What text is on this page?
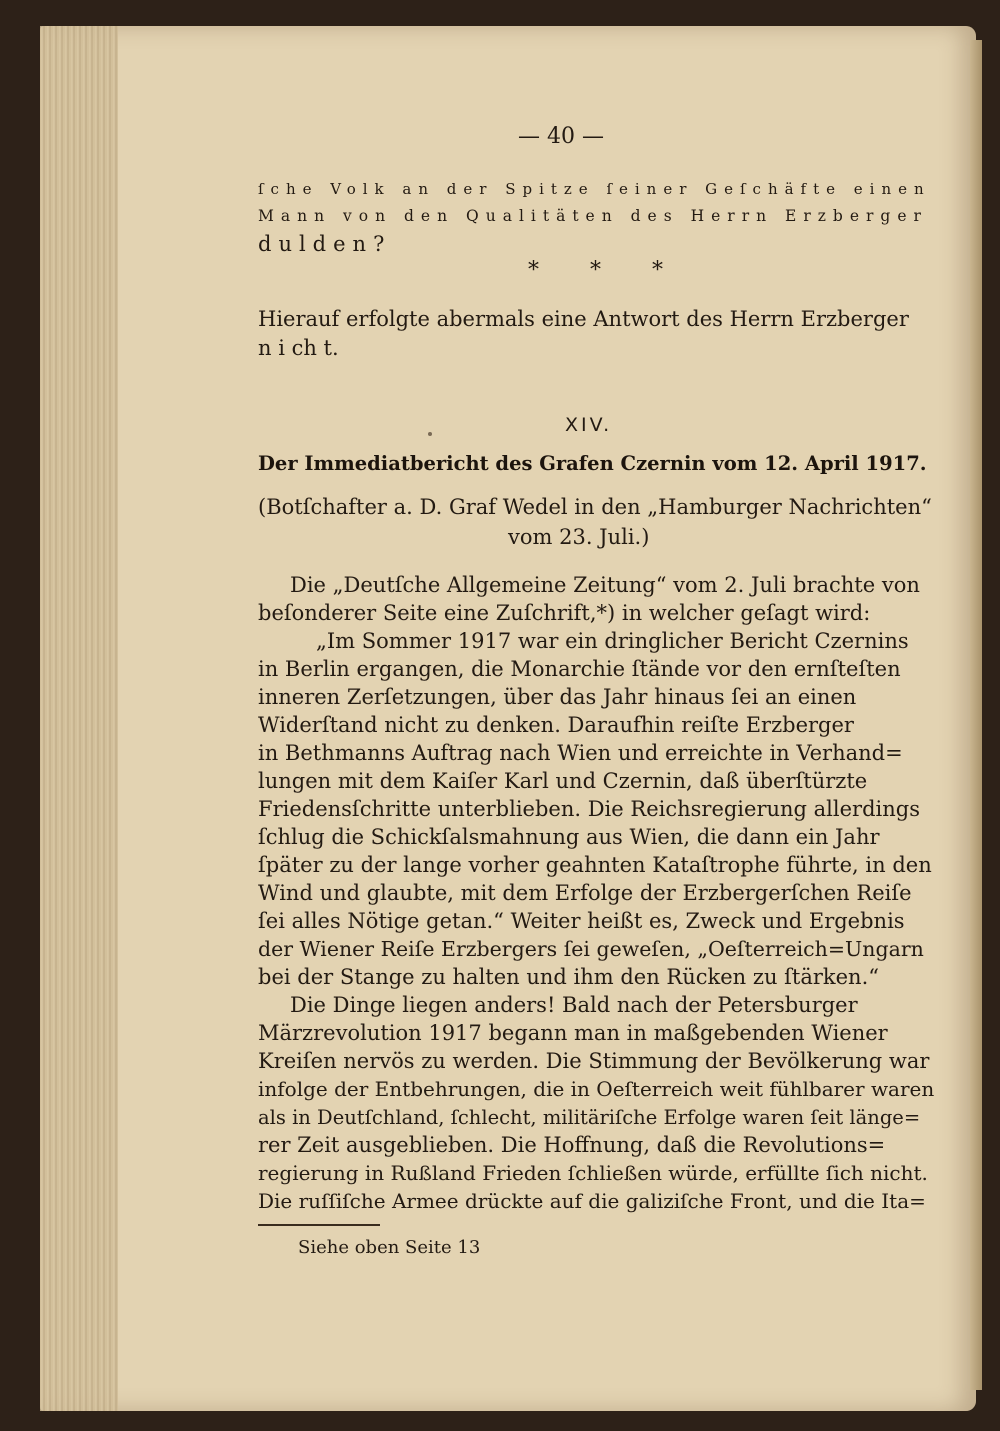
— 40 —
ſche Volk an der Spitze ſeiner Geſchäfte einen
Mann von den Qualitäten des Herrn Erzberger
dulden?
Hierauf erfolgte abermals eine Antwort des Herrn Erzberger
n i ch t.
(Botſchafter a. D. Graf Wedel in den „Hamburger Nachrichten“
vom 23. Juli.)
Die „Deutſche Allgemeine Zeitung“ vom 2. Juli brachte von
beſonderer Seite eine Zuſchrift,*) in welcher geſagt wird:
„Im Sommer 1917 war ein dringlicher Bericht Czernins
in Berlin ergangen, die Monarchie ſtände vor den ernſteſten
inneren Zerſetzungen, über das Jahr hinaus ſei an einen
Widerſtand nicht zu denken. Daraufhin reiſte Erzberger
in Bethmanns Auftrag nach Wien und erreichte in Verhand=
lungen mit dem Kaiſer Karl und Czernin, daß überſtürzte
Friedensſchritte unterblieben. Die Reichsregierung allerdings
ſchlug die Schickſalsmahnung aus Wien, die dann ein Jahr
ſpäter zu der lange vorher geahnten Kataſtrophe führte, in den
Wind und glaubte, mit dem Erfolge der Erzbergerſchen Reiſe
ſei alles Nötige getan.“ Weiter heißt es, Zweck und Ergebnis
der Wiener Reiſe Erzbergers ſei geweſen, „Oeſterreich=Ungarn
bei der Stange zu halten und ihm den Rücken zu ſtärken.“
Die Dinge liegen anders! Bald nach der Petersburger
Märzrevolution 1917 begann man in maßgebenden Wiener
Kreiſen nervös zu werden. Die Stimmung der Bevölkerung war
infolge der Entbehrungen, die in Oeſterreich weit fühlbarer waren
als in Deutſchland, ſchlecht, militäriſche Erfolge waren ſeit länge=
rer Zeit ausgeblieben. Die Hoffnung, daß die Revolutions=
regierung in Rußland Frieden ſchließen würde, erfüllte ſich nicht.
Die ruſſiſche Armee drückte auf die galiziſche Front, und die Ita=
* * *
XIV.
Der Immediatbericht des Grafen Czernin vom 12. April 1917.
Siehe oben Seite 13
